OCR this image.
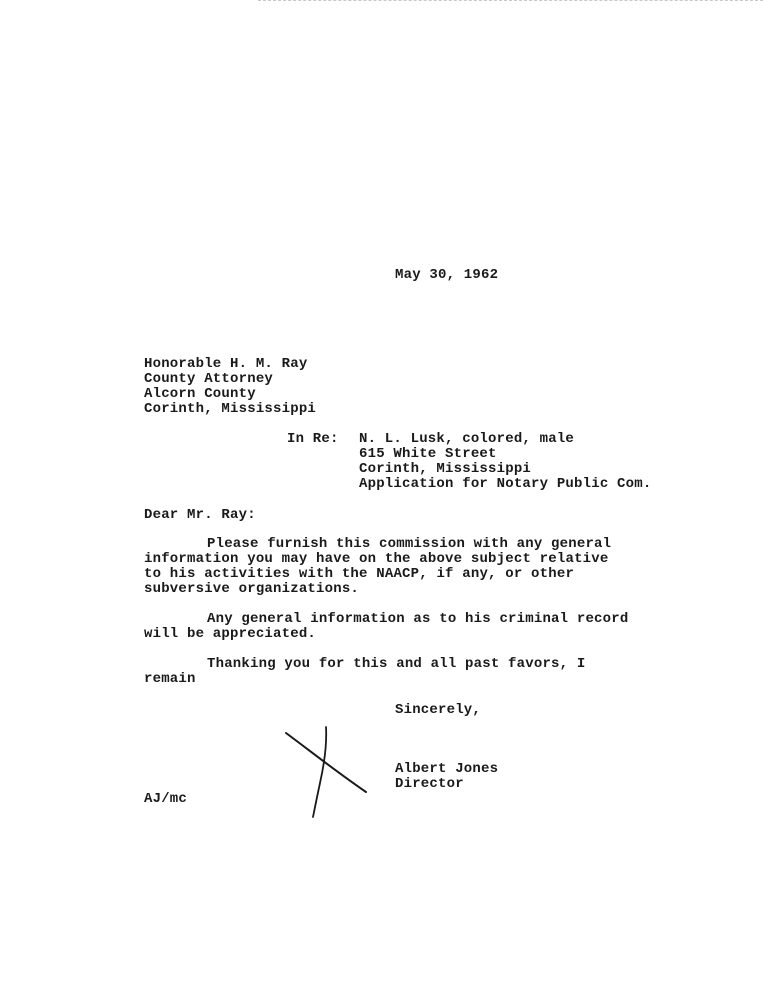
May 30, 1962
Honorable H. M. Ray
County Attorney
Alcorn County
Corinth, Mississippi
In Re: N. L. Lusk, colored, male
615 White Street
Corinth, Mississippi
Application for Notary Public Com.
Dear Mr. Ray:
Please furnish this commission with any general
information you may have on the above subject relative
to his activities with the NAACP, if any, or other
subversive organizations.
Any general information as to his criminal record
will be appreciated.
Thanking you for this and all past favors, I
remain
Sincerely,
Albert Jones
Director
AJ/mc
